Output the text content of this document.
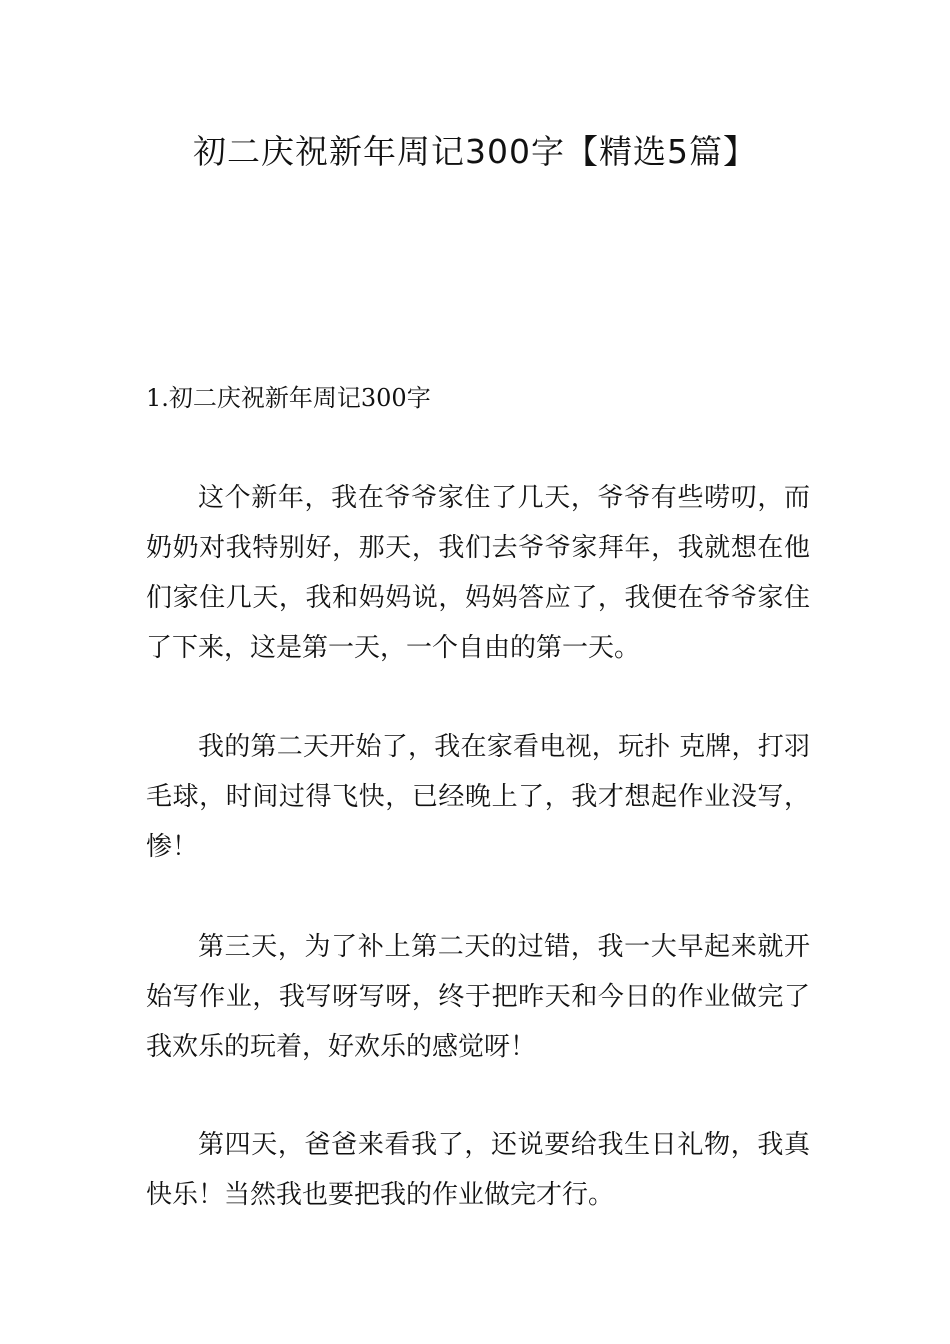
初二庆祝新年周记300字【精选5篇】
1.初二庆祝新年周记300字

这个新年，我在爷爷家住了几天，爷爷有些唠叨，而奶奶对我特别好，那天，我们去爷爷家拜年，我就想在他们家住几天，我和妈妈说，妈妈答应了，我便在爷爷家住了下来，这是第一天，一个自由的第一天。

我的第二天开始了，我在家看电视，玩扑 克牌，打羽毛球，时间过得飞快，已经晚上了，我才想起作业没写，惨！

第三天，为了补上第二天的过错，我一大早起来就开始写作业，我写呀写呀，终于把昨天和今日的作业做完了我欢乐的玩着，好欢乐的感觉呀！

第四天，爸爸来看我了，还说要给我生日礼物，我真快乐！当然我也要把我的作业做完才行。
